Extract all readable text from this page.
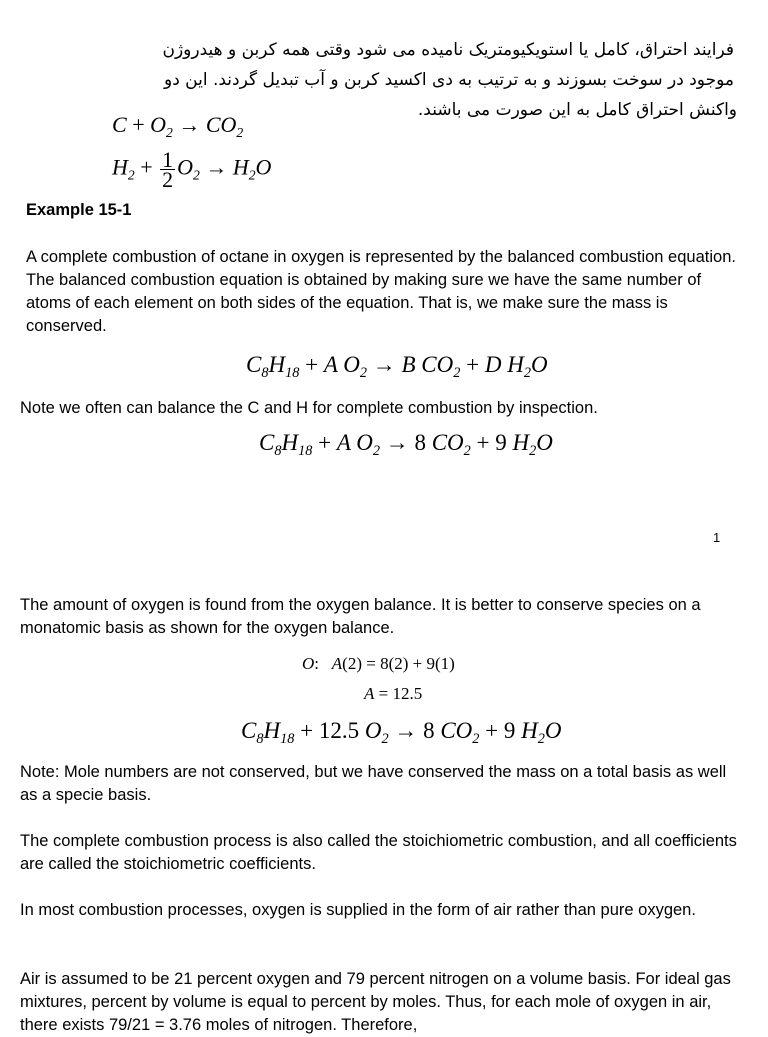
فرایند احتراق، کامل یا استویکیومتریک نامیده می شود وقتی همه کربن و هیدروژن
موجود در سوخت بسوزند و به ترتیب به دی اکسید کربن و آب تبدیل گردند. این دو
واکنش احتراق کامل به این صورت می باشند.
$C + O_2 \to CO_2$
$H_2 + \frac{1}{2} O_2 \to H_2O$
Example 15-1

A complete combustion of octane in oxygen is represented by the balanced combustion equation. The balanced combustion equation is obtained by making sure we have the same number of atoms of each element on both sides of the equation. That is, we make sure the mass is conserved.

$C_8H_{18} + A$ $O_2 \to B$ $CO_2 + D$ $H_2O$
Note we often can balance the C and H for complete combustion by inspection.
$C_8H_{18} + A$ $O_2 \to 8$ $CO_2 + 9$ $H_2O$
1

The amount of oxygen is found from the oxygen balance. It is better to conserve species on a monatomic basis as shown for the oxygen balance.

O: A(2) = 8(2) + 9(1)
A = 12.5
$C_8H_{18} + 12.5$ $O_2 \to 8$ $CO_2 + 9$ $H_2O$

Note: Mole numbers are not conserved, but we have conserved the mass on a total basis as well as a specie basis.

The complete combustion process is also called the stoichiometric combustion, and all coefficients are called the stoichiometric coefficients.

In most combustion processes, oxygen is supplied in the form of air rather than pure oxygen.

Air is assumed to be 21 percent oxygen and 79 percent nitrogen on a volume basis. For ideal gas mixtures, percent by volume is equal to percent by moles. Thus, for each mole of oxygen in air, there exists 79/21 = 3.76 moles of nitrogen. Therefore,
